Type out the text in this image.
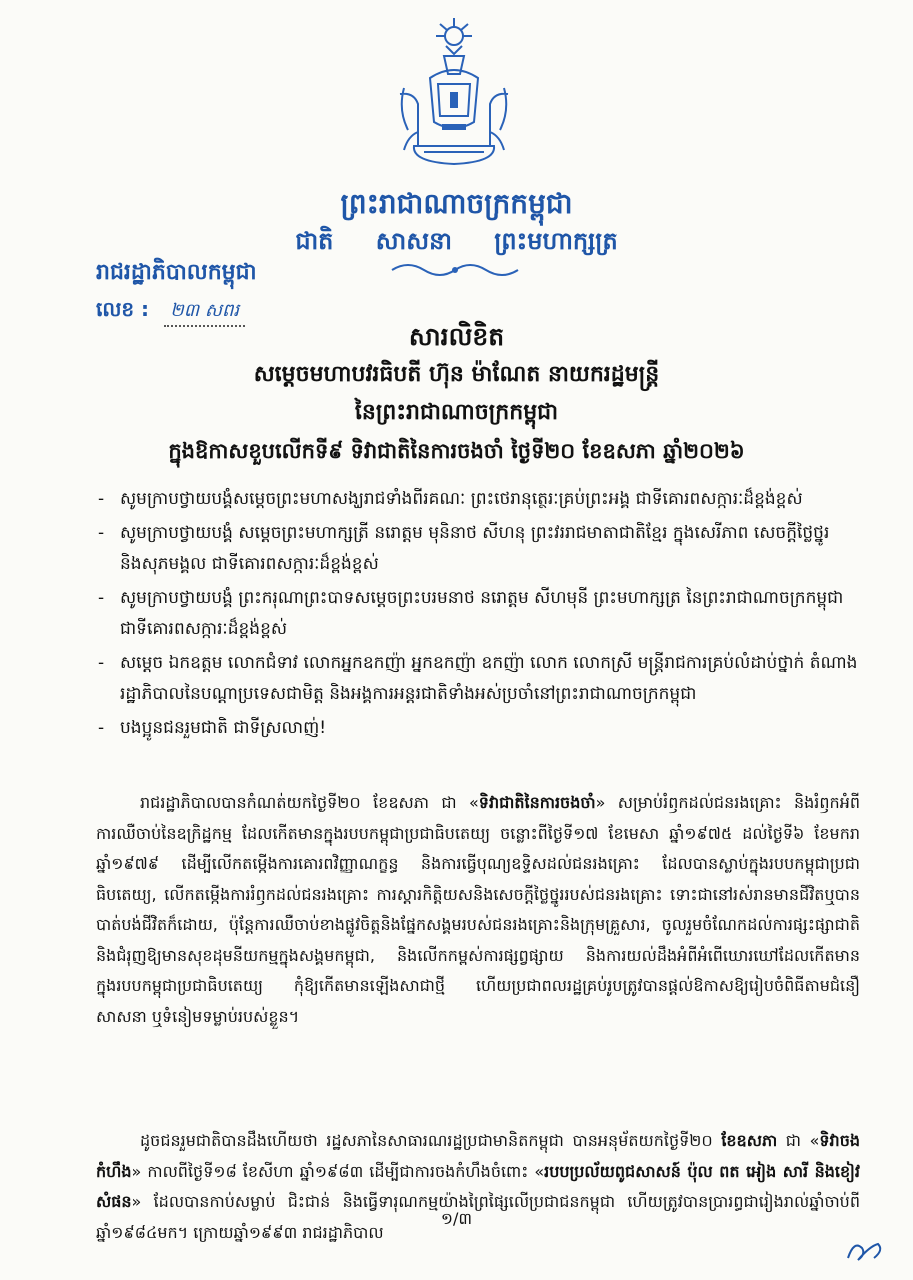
ព្រះរាជាណាចក្រកម្ពុជា
ជាតិ សាសនា ព្រះមហាក្សត្រ
រាជរដ្ឋាភិបាលកម្ពុជា
លេខ : ២៣ សពរ
សារលិខិត
សម្តេចមហាបវរធិបតី ហ៊ុន ម៉ាណែត នាយករដ្ឋមន្ត្រី
នៃព្រះរាជាណាចក្រកម្ពុជា
ក្នុងឱកាសខួបលើកទី៩ ទិវាជាតិនៃការចងចាំ ថ្ងៃទី២០ ខែឧសភា ឆ្នាំ២០២៦
- សូមក្រាបថ្វាយបង្គំសម្តេចព្រះមហាសង្ឃរាជទាំងពីរគណៈ ព្រះថេរានុត្ថេរៈគ្រប់ព្រះអង្គ ជាទីគោរពសក្ការៈដ៏ខ្ពង់ខ្ពស់
- សូមក្រាបថ្វាយបង្គំ សម្តេចព្រះមហាក្សត្រី នរោត្តម មុនិនាថ សីហនុ ព្រះវររាជមាតាជាតិខ្មែរ ក្នុងសេរីភាព សេចក្តីថ្លៃថ្នូរ និងសុភមង្គល ជាទីគោរពសក្ការៈដ៏ខ្ពង់ខ្ពស់
- សូមក្រាបថ្វាយបង្គំ ព្រះករុណាព្រះបាទសម្តេចព្រះបរមនាថ នរោត្តម សីហមុនី ព្រះមហាក្សត្រ នៃព្រះរាជាណាចក្រកម្ពុជា ជាទីគោរពសក្ការៈដ៏ខ្ពង់ខ្ពស់
- សម្តេច ឯកឧត្តម លោកជំទាវ លោកអ្នកឧកញ៉ា អ្នកឧកញ៉ា ឧកញ៉ា លោក លោកស្រី មន្ត្រីរាជការគ្រប់លំដាប់ថ្នាក់ តំណាងរដ្ឋាភិបាលនៃបណ្តាប្រទេសជាមិត្ត និងអង្គការអន្តរជាតិទាំងអស់ប្រចាំនៅព្រះរាជាណាចក្រកម្ពុជា
- បងប្អូនជនរួមជាតិ ជាទីស្រលាញ់!

រាជរដ្ឋាភិបាលបានកំណត់យកថ្ងៃទី២០ ខែឧសភា ជា «ទិវាជាតិនៃការចងចាំ» សម្រាប់រំឭកដល់ជនរងគ្រោះ និងរំឭកអំពីការឈឺចាប់នៃឧក្រិដ្ឋកម្ម ដែលកើតមានក្នុងរបបកម្ពុជាប្រជាធិបតេយ្យ ចន្លោះពីថ្ងៃទី១៧ ខែមេសា ឆ្នាំ១៩៧៥ ដល់ថ្ងៃទី៦ ខែមករា ឆ្នាំ១៩៧៩ ដើម្បីលើកតម្កើងការគោរពវិញ្ញាណក្ខន្ធ និងការធ្វើបុណ្យឧទ្ទិសដល់ជនរងគ្រោះ ដែលបានស្លាប់ក្នុងរបបកម្ពុជាប្រជាធិបតេយ្យ, លើកតម្កើងការរំឭកដល់ជនរងគ្រោះ ការស្តារកិត្តិយសនិងសេចក្តីថ្លៃថ្នូររបស់ជនរងគ្រោះ ទោះជានៅរស់រានមានជីវិតឬបានបាត់បង់ជីវិតក៏ដោយ, ប៉ុន្តែការឈឺចាប់ខាងផ្លូវចិត្តនិងផ្នែកសង្គមរបស់ជនរងគ្រោះនិងក្រុមគ្រួសារ, ចូលរួមចំណែកដល់ការផ្សះផ្សាជាតិនិងជំរុញឱ្យមានសុខដុមនីយកម្មក្នុងសង្គមកម្ពុជា, និងលើកកម្ពស់ការផ្សព្វផ្សាយ និងការយល់ដឹងអំពីអំពើឃោរឃៅដែលកើតមានក្នុងរបបកម្ពុជាប្រជាធិបតេយ្យ កុំឱ្យកើតមានឡើងសាជាថ្មី ហើយប្រជាពលរដ្ឋគ្រប់រូបត្រូវបានផ្តល់ឱកាសឱ្យរៀបចំពិធីតាមជំនឿ សាសនា ឬទំនៀមទម្លាប់របស់ខ្លួន។

ដូចជនរួមជាតិបានដឹងហើយថា រដ្ឋសភានៃសាធារណរដ្ឋប្រជាមានិតកម្ពុជា បានអនុម័តយកថ្ងៃទី២០ ខែឧសភា ជា «ទិវាចងកំហឹង» កាលពីថ្ងៃទី១៨ ខែសីហា ឆ្នាំ១៩៨៣ ដើម្បីជាការចងកំហឹងចំពោះ «របបប្រល័យពូជសាសន៍ ប៉ុល ពត អៀង សារី និងខៀវ សំផន» ដែលបានកាប់សម្លាប់ ជិះជាន់ និងធ្វើទារុណកម្មយ៉ាងព្រៃផ្សៃលើប្រជាជនកម្ពុជា ហើយត្រូវបានប្រារព្ធជារៀងរាល់ឆ្នាំចាប់ពីឆ្នាំ១៩៨៤មក។ ក្រោយឆ្នាំ១៩៩៣ រាជរដ្ឋាភិបាល

១/៣
